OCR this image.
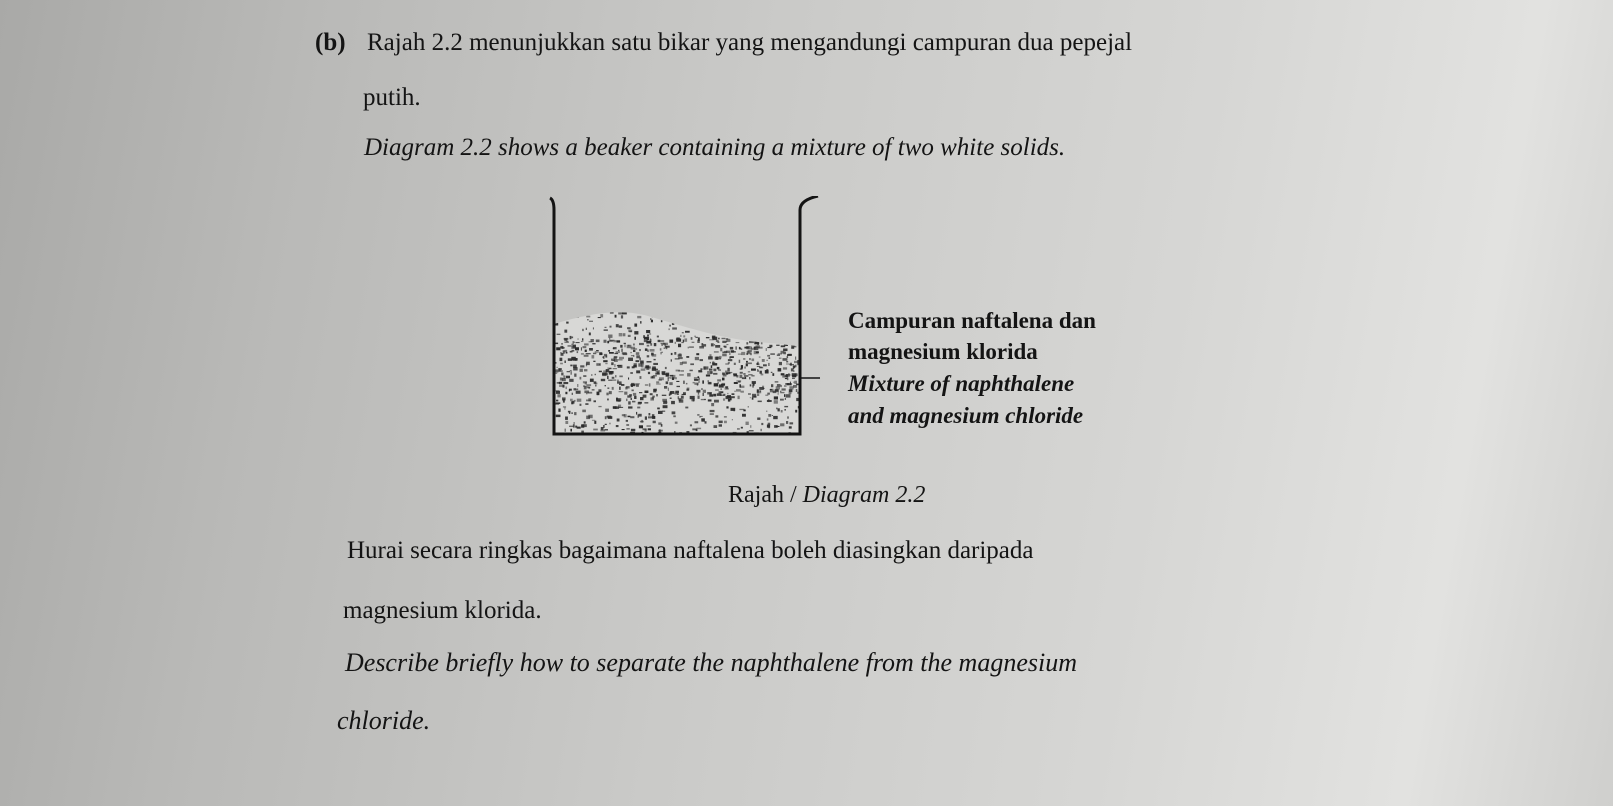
(b) Rajah 2.2 menunjukkan satu bikar yang mengandungi campuran dua pepejal
putih.
Diagram 2.2 shows a beaker containing a mixture of two white solids.
Campuran naftalena dan
magnesium klorida
Mixture of naphthalene
and magnesium chloride
Rajah / Diagram 2.2
Hurai secara ringkas bagaimana naftalena boleh diasingkan daripada
magnesium klorida.
Describe briefly how to separate the naphthalene from the magnesium
chloride.
